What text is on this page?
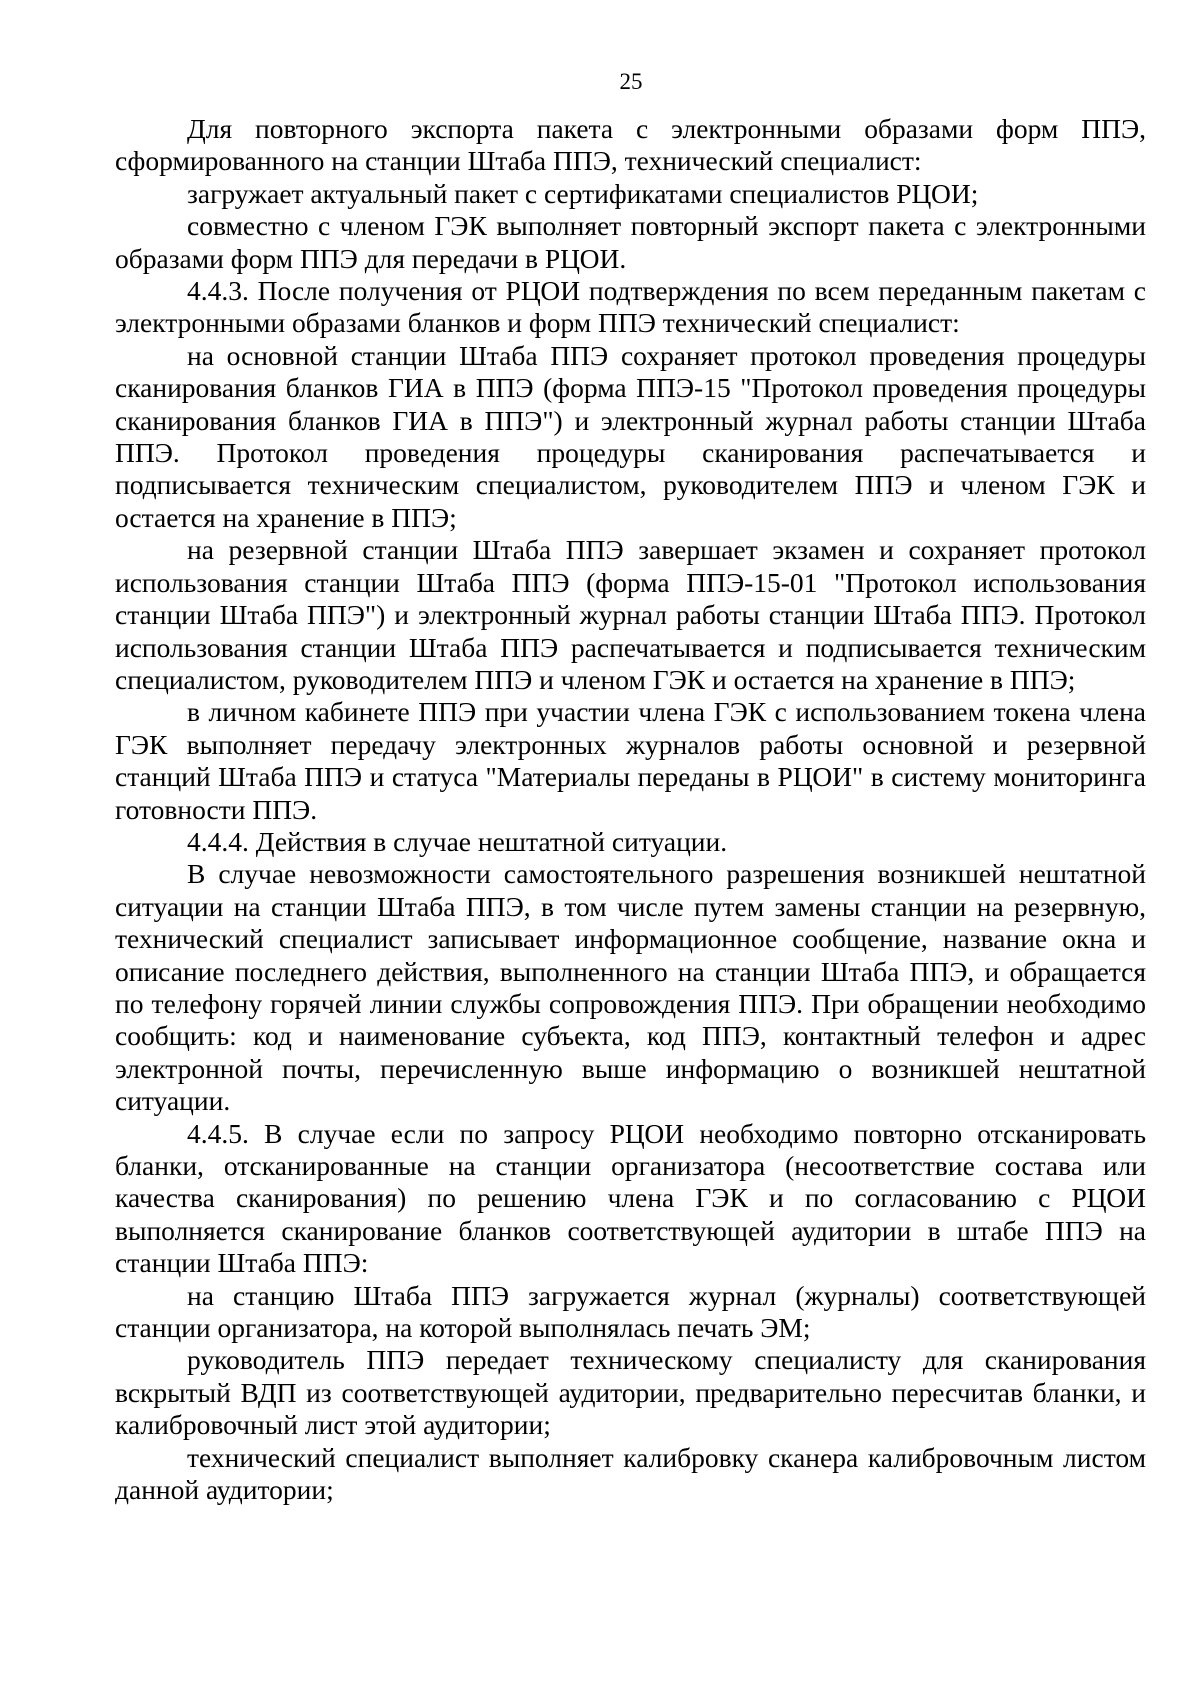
25

Для повторного экспорта пакета с электронными образами форм ППЭ, сформированного на станции Штаба ППЭ, технический специалист:

загружает актуальный пакет с сертификатами специалистов РЦОИ;

совместно с членом ГЭК выполняет повторный экспорт пакета с электронными образами форм ППЭ для передачи в РЦОИ.

4.4.3. После получения от РЦОИ подтверждения по всем переданным пакетам с электронными образами бланков и форм ППЭ технический специалист:

на основной станции Штаба ППЭ сохраняет протокол проведения процедуры сканирования бланков ГИА в ППЭ (форма ППЭ-15 "Протокол проведения процедуры сканирования бланков ГИА в ППЭ") и электронный журнал работы станции Штаба ППЭ. Протокол проведения процедуры сканирования распечатывается и подписывается техническим специалистом, руководителем ППЭ и членом ГЭК и остается на хранение в ППЭ;

на резервной станции Штаба ППЭ завершает экзамен и сохраняет протокол использования станции Штаба ППЭ (форма ППЭ-15-01 "Протокол использования станции Штаба ППЭ") и электронный журнал работы станции Штаба ППЭ. Протокол использования станции Штаба ППЭ распечатывается и подписывается техническим специалистом, руководителем ППЭ и членом ГЭК и остается на хранение в ППЭ;

в личном кабинете ППЭ при участии члена ГЭК с использованием токена члена ГЭК выполняет передачу электронных журналов работы основной и резервной станций Штаба ППЭ и статуса "Материалы переданы в РЦОИ" в систему мониторинга готовности ППЭ.

4.4.4. Действия в случае нештатной ситуации.

В случае невозможности самостоятельного разрешения возникшей нештатной ситуации на станции Штаба ППЭ, в том числе путем замены станции на резервную, технический специалист записывает информационное сообщение, название окна и описание последнего действия, выполненного на станции Штаба ППЭ, и обращается по телефону горячей линии службы сопровождения ППЭ. При обращении необходимо сообщить: код и наименование субъекта, код ППЭ, контактный телефон и адрес электронной почты, перечисленную выше информацию о возникшей нештатной ситуации.

4.4.5. В случае если по запросу РЦОИ необходимо повторно отсканировать бланки, отсканированные на станции организатора (несоответствие состава или качества сканирования) по решению члена ГЭК и по согласованию с РЦОИ выполняется сканирование бланков соответствующей аудитории в штабе ППЭ на станции Штаба ППЭ:

на станцию Штаба ППЭ загружается журнал (журналы) соответствующей станции организатора, на которой выполнялась печать ЭМ;

руководитель ППЭ передает техническому специалисту для сканирования вскрытый ВДП из соответствующей аудитории, предварительно пересчитав бланки, и калибровочный лист этой аудитории;

технический специалист выполняет калибровку сканера калибровочным листом данной аудитории;
